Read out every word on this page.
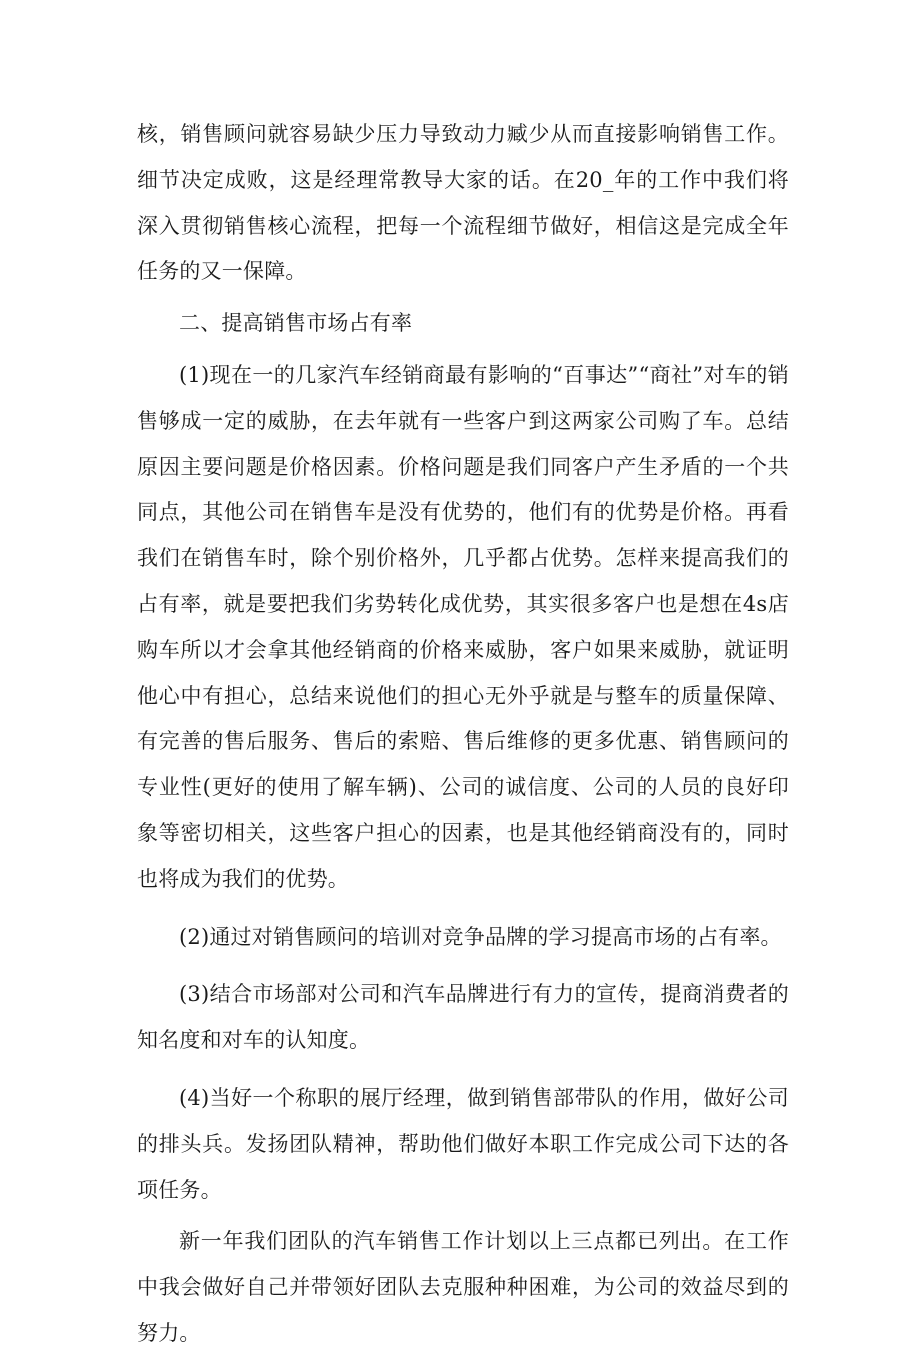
核，销售顾问就容易缺少压力导致动力臧少从而直接影响销售工作。细节决定成败，这是经理常教导大家的话。在20_年的工作中我们将深入贯彻销售核心流程，把每一个流程细节做好，相信这是完成全年任务的又一保障。

二、提高销售市场占有率

(1)现在一的几家汽车经销商最有影响的“百事达”“商社”对车的销售够成一定的威胁，在去年就有一些客户到这两家公司购了车。总结原因主要问题是价格因素。价格问题是我们同客户产生矛盾的一个共同点，其他公司在销售车是没有优势的，他们有的优势是价格。再看我们在销售车时，除个别价格外，几乎都占优势。怎样来提高我们的占有率，就是要把我们劣势转化成优势，其实很多客户也是想在4s店购车所以才会拿其他经销商的价格来威胁，客户如果来威胁，就证明他心中有担心，总结来说他们的担心无外乎就是与整车的质量保障、有完善的售后服务、售后的索赔、售后维修的更多优惠、销售顾问的专业性(更好的使用了解车辆)、公司的诚信度、公司的人员的良好印象等密切相关，这些客户担心的因素，也是其他经销商没有的，同时也将成为我们的优势。

(2)通过对销售顾问的培训对竞争品牌的学习提高市场的占有率。

(3)结合市场部对公司和汽车品牌进行有力的宣传，提商消费者的知名度和对车的认知度。

(4)当好一个称职的展厅经理，做到销售部带队的作用，做好公司的排头兵。发扬团队精神，帮助他们做好本职工作完成公司下达的各项任务。

新一年我们团队的汽车销售工作计划以上三点都已列出。在工作中我会做好自己并带领好团队去克服种种困难，为公司的效益尽到的努力。
